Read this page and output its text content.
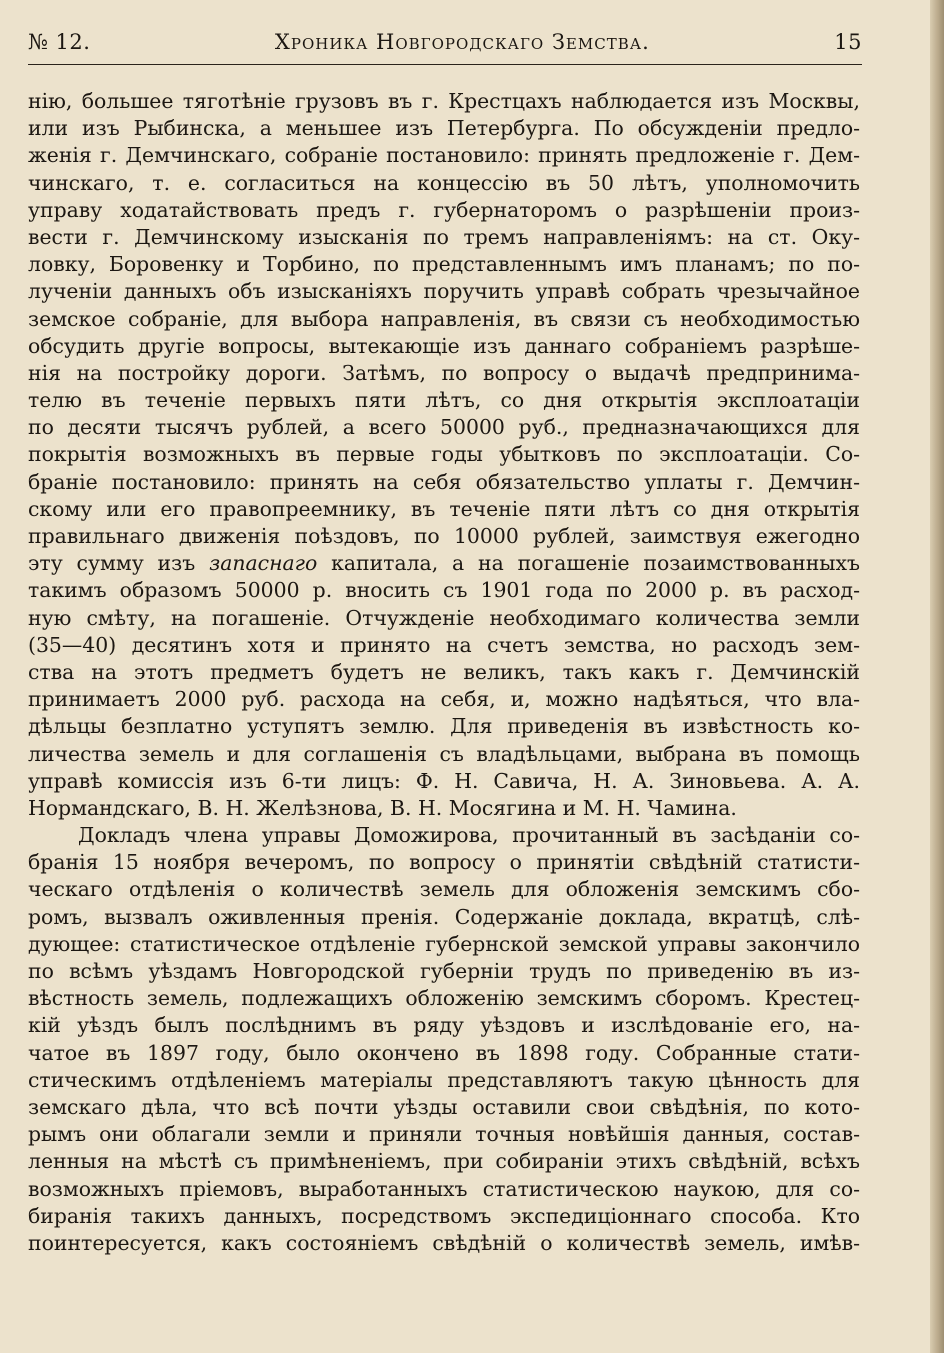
№ 12.	Хроника Новгородскаго Земства.	15
нію, большее тяготѣніе грузовъ въ г. Крестцахъ наблюдается изъ Москвы,
или изъ Рыбинска, а меньшее изъ Петербурга. По обсужденіи предло-
женія г. Демчинскаго, собраніе постановило: принять предложеніе г. Дем-
чинскаго, т. е. согласиться на концессію въ 50 лѣтъ, уполномочить
управу ходатайствовать предъ г. губернаторомъ о разрѣшеніи произ-
вести г. Демчинскому изысканія по тремъ направленіямъ: на ст. Оку-
ловку, Боровенку и Торбино, по представленнымъ имъ планамъ; по по-
лученіи данныхъ объ изысканіяхъ поручить управѣ собрать чрезычайное
земское собраніе, для выбора направленія, въ связи съ необходимостью
обсудить другіе вопросы, вытекающіе изъ даннаго собраніемъ разрѣше-
нія на постройку дороги. Затѣмъ, по вопросу о выдачѣ предпринима-
телю въ теченіе первыхъ пяти лѣтъ, со дня открытія эксплоатаціи
по десяти тысячъ рублей, а всего 50000 руб., предназначающихся для
покрытія возможныхъ въ первые годы убытковъ по эксплоатаціи. Со-
браніе постановило: принять на себя обязательство уплаты г. Демчин-
скому или его правопреемнику, въ теченіе пяти лѣтъ со дня открытія
правильнаго движенія поѣздовъ, по 10000 рублей, заимствуя ежегодно
эту сумму изъ запаснаго капитала, а на погашеніе позаимствованныхъ
такимъ образомъ 50000 р. вносить съ 1901 года по 2000 р. въ расход-
ную смѣту, на погашеніе. Отчужденіе необходимаго количества земли
(35—40) десятинъ хотя и принято на счетъ земства, но расходъ зем-
ства на этотъ предметъ будетъ не великъ, такъ какъ г. Демчинскій
принимаетъ 2000 руб. расхода на себя, и, можно надѣяться, что вла-
дѣльцы безплатно уступятъ землю. Для приведенія въ извѣстность ко-
личества земель и для соглашенія съ владѣльцами, выбрана въ помощь
управѣ комиссія изъ 6-ти лицъ: Ф. Н. Савича, Н. А. Зиновьева. А. А.
Нормандскаго, В. Н. Желѣзнова, В. Н. Мосягина и М. Н. Чамина.
Докладъ члена управы Доможирова, прочитанный въ засѣданіи со-
бранія 15 ноября вечеромъ, по вопросу о принятіи свѣдѣній статисти-
ческаго отдѣленія о количествѣ земель для обложенія земскимъ сбо-
ромъ, вызвалъ оживленныя пренія. Содержаніе доклада, вкратцѣ, слѣ-
дующее: статистическое отдѣленіе губернской земской управы закончило
по всѣмъ уѣздамъ Новгородской губерніи трудъ по приведенію въ из-
вѣстность земель, подлежащихъ обложенію земскимъ сборомъ. Крестец-
кій уѣздъ былъ послѣднимъ въ ряду уѣздовъ и изслѣдованіе его, на-
чатое въ 1897 году, было окончено въ 1898 году. Собранные стати-
стическимъ отдѣленіемъ матеріалы представляютъ такую цѣнность для
земскаго дѣла, что всѣ почти уѣзды оставили свои свѣдѣнія, по кото-
рымъ они облагали земли и приняли точныя новѣйшія данныя, состав-
ленныя на мѣстѣ съ примѣненіемъ, при собираніи этихъ свѣдѣній, всѣхъ
возможныхъ пріемовъ, выработанныхъ статистическою наукою, для со-
биранія такихъ данныхъ, посредствомъ экспедиціоннаго способа. Кто
поинтересуется, какъ состояніемъ свѣдѣній о количествѣ земель, имѣв-
